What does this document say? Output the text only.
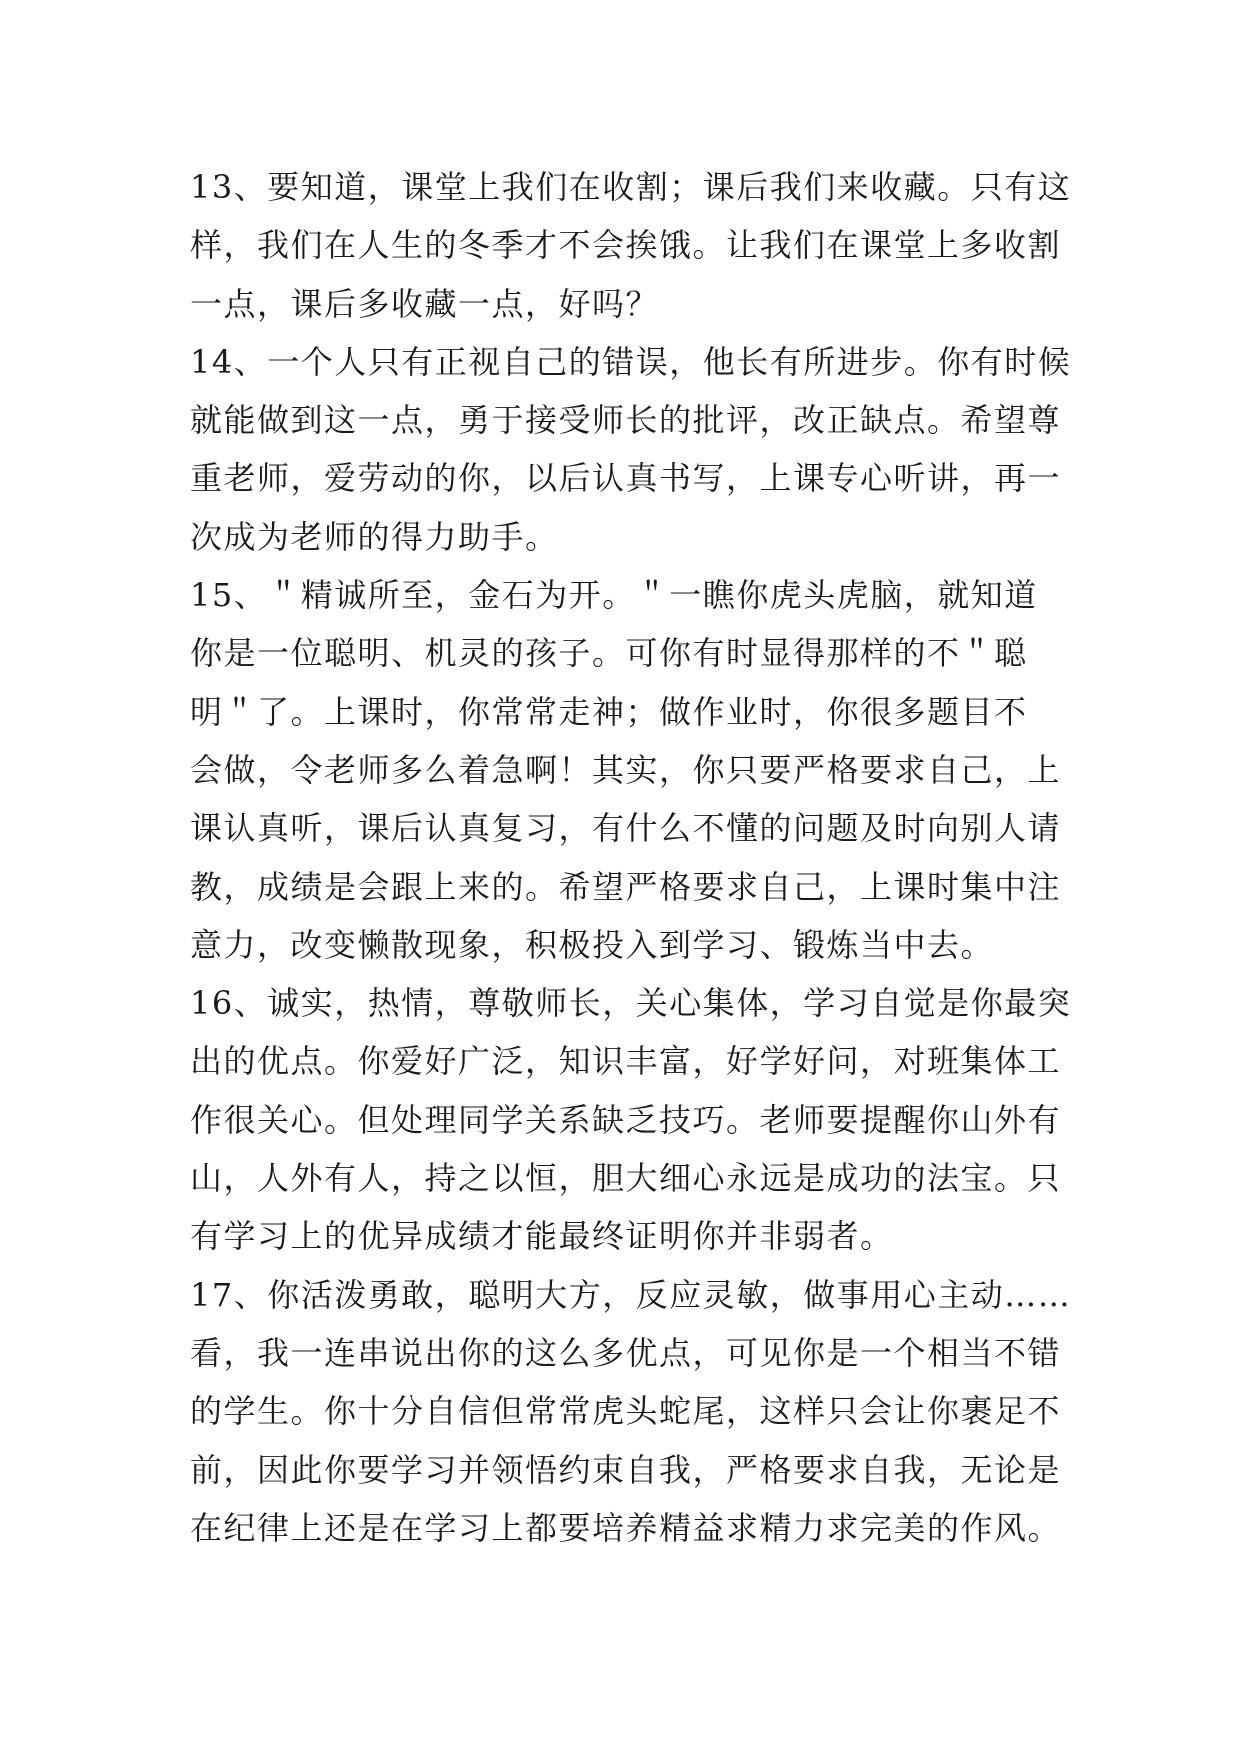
13、要知道，课堂上我们在收割；课后我们来收藏。只有这
样，我们在人生的冬季才不会挨饿。让我们在课堂上多收割
一点，课后多收藏一点，好吗？
14、一个人只有正视自己的错误，他长有所进步。你有时候
就能做到这一点，勇于接受师长的批评，改正缺点。希望尊
重老师，爱劳动的你，以后认真书写，上课专心听讲，再一
次成为老师的得力助手。
15、＂精诚所至，金石为开。＂一瞧你虎头虎脑，就知道
你是一位聪明、机灵的孩子。可你有时显得那样的不＂聪
明＂了。上课时，你常常走神；做作业时，你很多题目不
会做，令老师多么着急啊！其实，你只要严格要求自己，上
课认真听，课后认真复习，有什么不懂的问题及时向别人请
教，成绩是会跟上来的。希望严格要求自己，上课时集中注
意力，改变懒散现象，积极投入到学习、锻炼当中去。
16、诚实，热情，尊敬师长，关心集体，学习自觉是你最突
出的优点。你爱好广泛，知识丰富，好学好问，对班集体工
作很关心。但处理同学关系缺乏技巧。老师要提醒你山外有
山，人外有人，持之以恒，胆大细心永远是成功的法宝。只
有学习上的优异成绩才能最终证明你并非弱者。
17、你活泼勇敢，聪明大方，反应灵敏，做事用心主动……
看，我一连串说出你的这么多优点，可见你是一个相当不错
的学生。你十分自信但常常虎头蛇尾，这样只会让你裹足不
前，因此你要学习并领悟约束自我，严格要求自我，无论是
在纪律上还是在学习上都要培养精益求精力求完美的作风。
